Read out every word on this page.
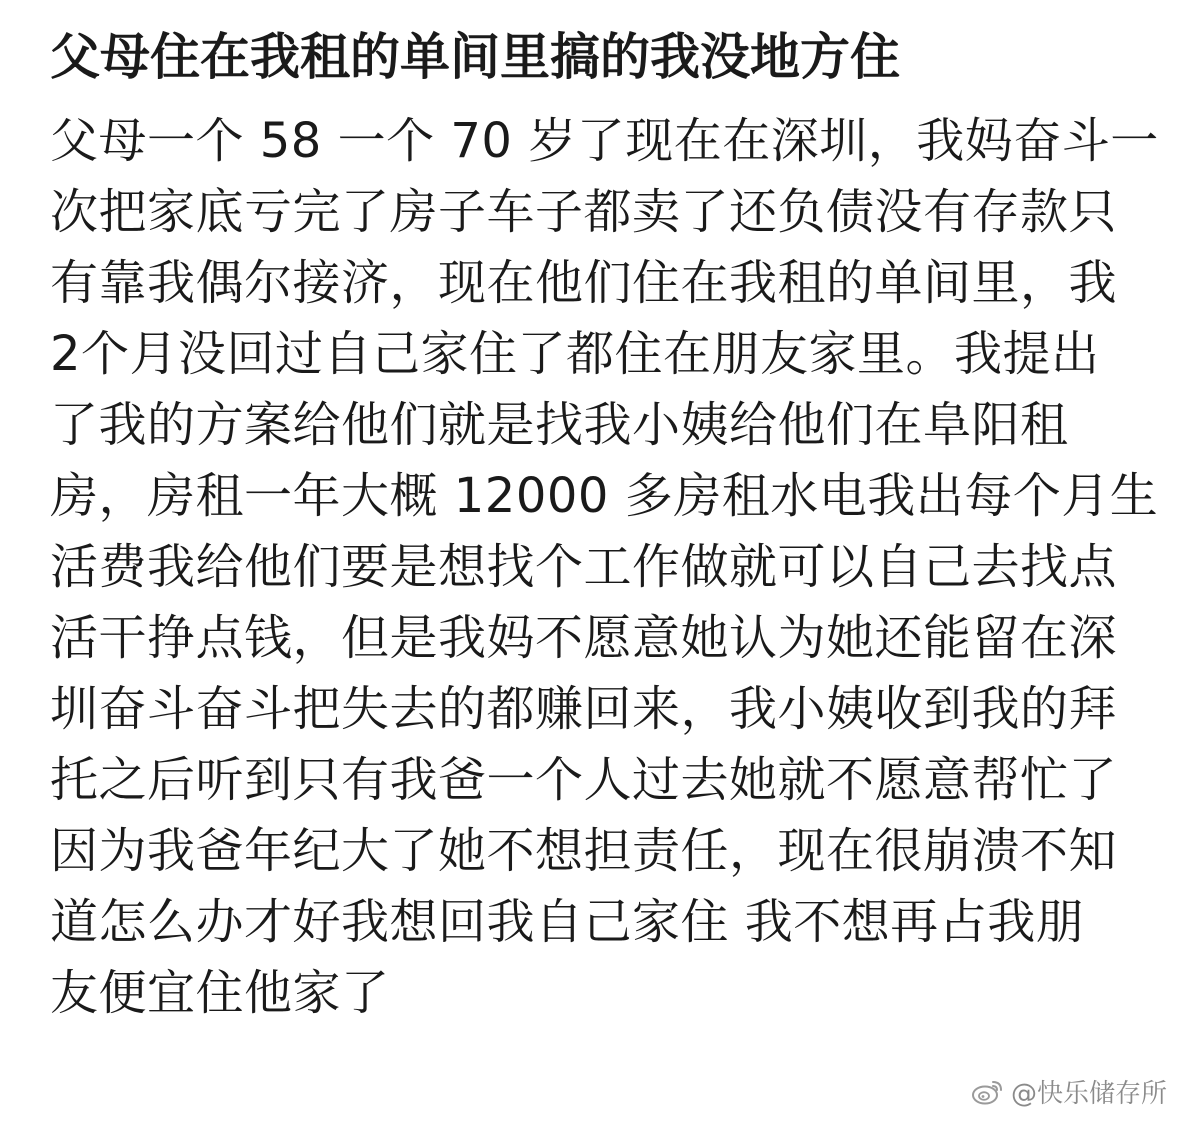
父母住在我租的单间里搞的我没地方住
父母一个 58 一个 70 岁了现在在深圳，我妈奋斗一
次把家底亏完了房子车子都卖了还负债没有存款只
有靠我偶尔接济，现在他们住在我租的单间里，我
2个月没回过自己家住了都住在朋友家里。我提出
了我的方案给他们就是找我小姨给他们在阜阳租
房，房租一年大概 12000 多房租水电我出每个月生
活费我给他们要是想找个工作做就可以自己去找点
活干挣点钱，但是我妈不愿意她认为她还能留在深
圳奋斗奋斗把失去的都赚回来，我小姨收到我的拜
托之后听到只有我爸一个人过去她就不愿意帮忙了
因为我爸年纪大了她不想担责任，现在很崩溃不知
道怎么办才好我想回我自己家住 我不想再占我朋
友便宜住他家了
@快乐储存所
